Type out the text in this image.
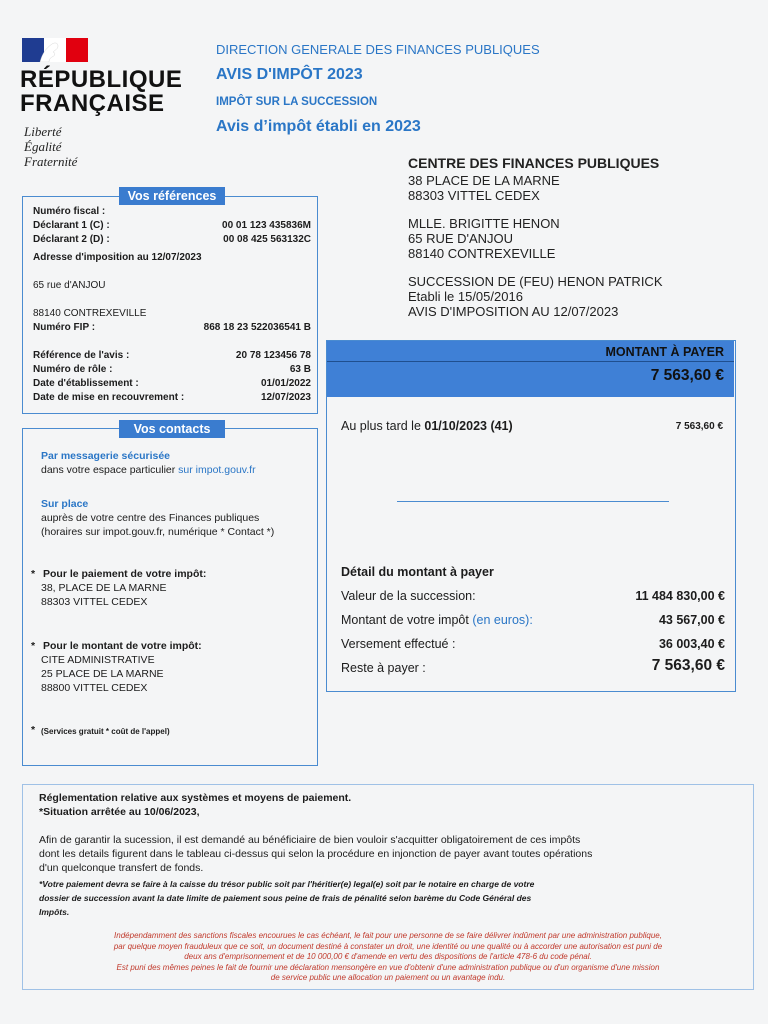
RÉPUBLIQUE
FRANÇAISE
Liberté
Égalité
Fraternité
DIRECTION GENERALE DES FINANCES PUBLIQUES
AVIS D'IMPÔT 2023
IMPÔT SUR LA SUCCESSION
Avis d’impôt établi en 2023
CENTRE DES FINANCES PUBLIQUES
38 PLACE DE LA MARNE
88303 VITTEL CEDEX
MLLE. BRIGITTE HENON
65 RUE D'ANJOU
88140 CONTREXEVILLE
SUCCESSION DE (FEU) HENON PATRICK
Etabli le 15/05/2016
AVIS D'IMPOSITION AU 12/07/2023
Vos références
Numéro fiscal :
Déclarant 1 (C) :	00 01 123 435836M
Déclarant 2 (D) :	00 08 425 563132C
Adresse d'imposition au 12/07/2023
65 rue d'ANJOU
88140 CONTREXEVILLE
Numéro FIP :	868 18 23 522036541 B
Référence de l'avis :	20 78 123456 78
Numéro de rôle :	63 B
Date d'établissement :	01/01/2022
Date de mise en recouvrement :	12/07/2023
Vos contacts
Par messagerie sécurisée
dans votre espace particulier sur impot.gouv.fr
Sur place
auprès de votre centre des Finances publiques
(horaires sur impot.gouv.fr, numérique * Contact *)
* Pour le paiement de votre impôt:
38, PLACE DE LA MARNE
88303 VITTEL CEDEX
* Pour le montant de votre impôt:
CITE ADMINISTRATIVE
25 PLACE DE LA MARNE
88800 VITTEL CEDEX
* (Services gratuit * coût de l'appel)
MONTANT À PAYER
7 563,60 €
Au plus tard le 01/10/2023 (41)	7 563,60 €
Détail du montant à payer
Valeur de la succession:	11 484 830,00 €
Montant de votre impôt (en euros):	43 567,00 €
Versement effectué :	36 003,40 €
Reste à payer :	7 563,60 €
Réglementation relative aux systèmes et moyens de paiement.
*Situation arrêtée au 10/06/2023,
Afin de garantir la sucession, il est demandé au bénéficiaire de bien vouloir s'acquitter obligatoirement de ces impôts
dont les details figurent dans le tableau ci-dessus qui selon la procédure en injonction de payer avant toutes opérations
d'un quelconque transfert de fonds.
*Votre paiement devra se faire à la caisse du trésor public soit par l'héritier(e) legal(e) soit par le notaire en charge de votre
dossier de succession avant la date limite de paiement sous peine de frais de pénalité selon barème du Code Général des
Impôts.
Indépendamment des sanctions fiscales encourues le cas échéant, le fait pour une personne de se faire délivrer indûment par une administration publique,
par quelque moyen frauduleux que ce soit, un document destiné à constater un droit, une identité ou une qualité ou à accorder une autorisation est puni de
deux ans d'emprisonnement et de 10 000,00 € d'amende en vertu des dispositions de l'article 478-6 du code pénal.
Est puni des mêmes peines le fait de fournir une déclaration mensongère en vue d'obtenir d'une administration publique ou d'un organisme d'une mission
de service public une allocation un paiement ou un avantage indu.
